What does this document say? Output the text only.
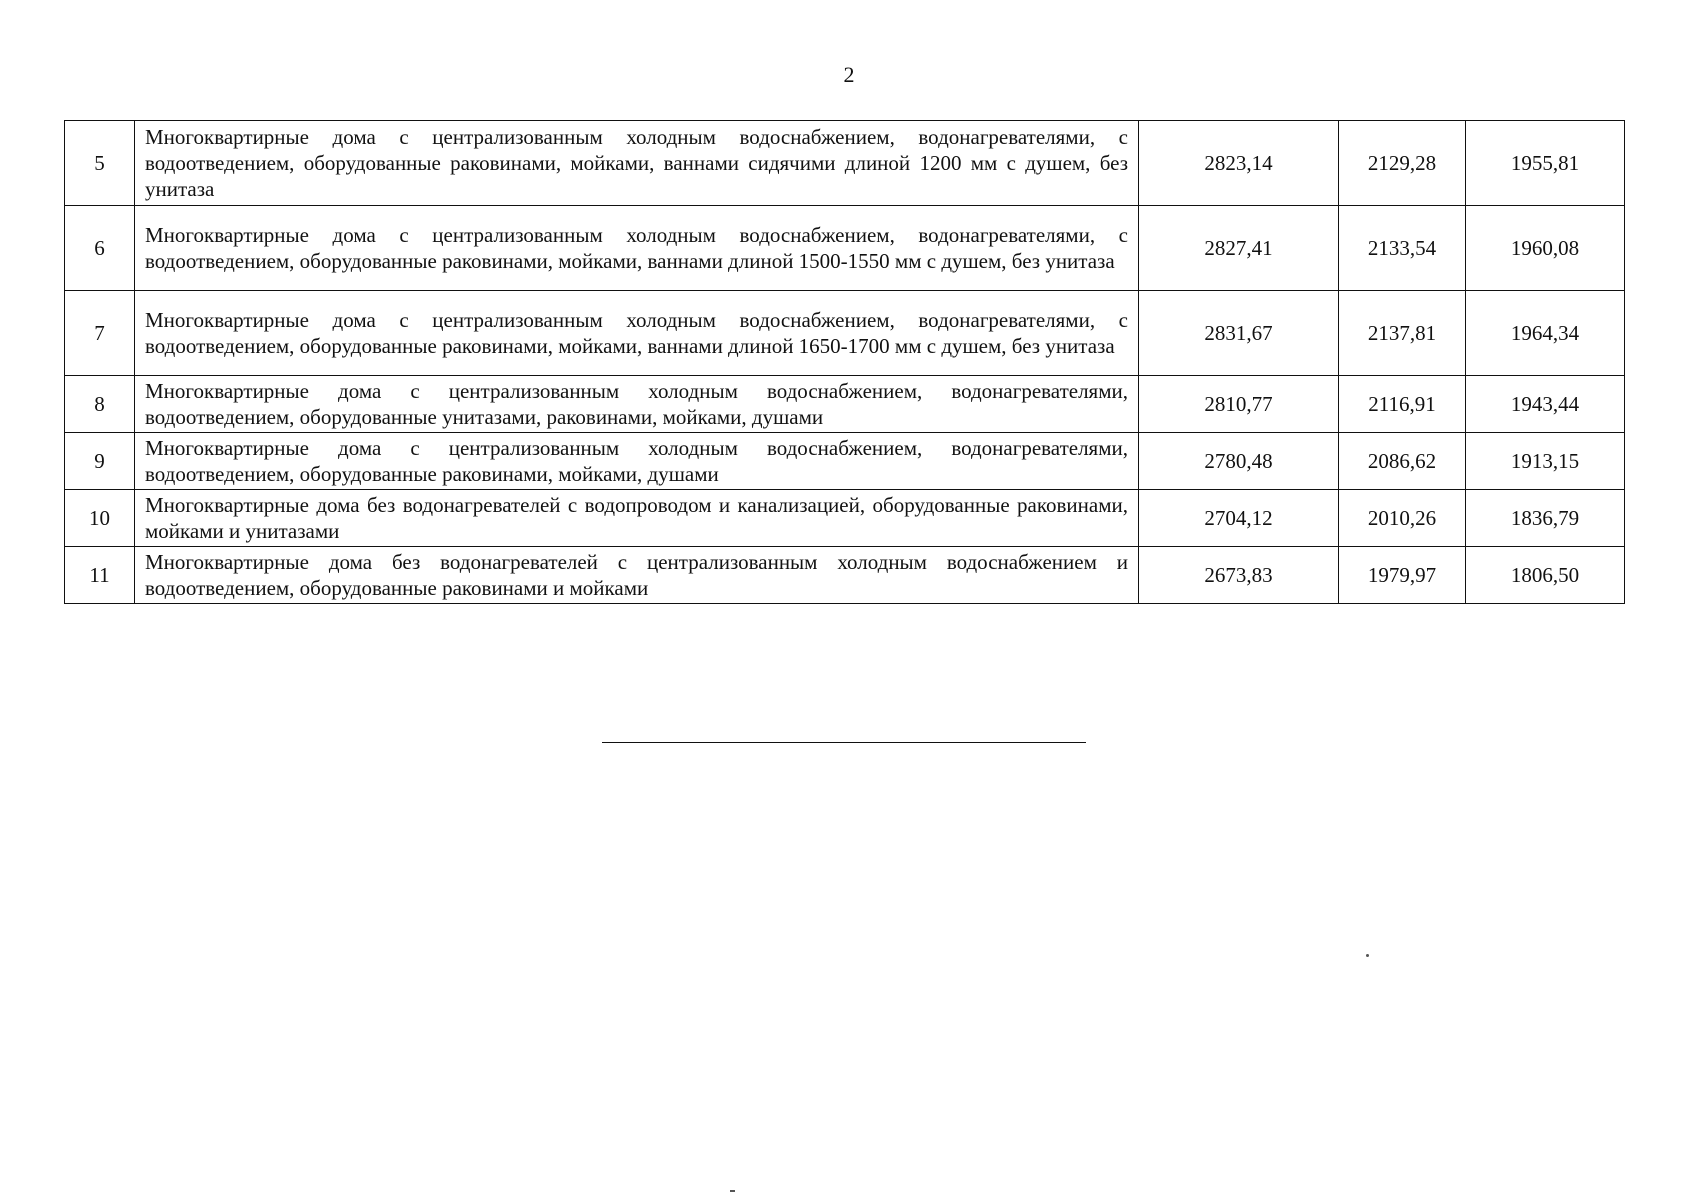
2
5	Многоквартирные дома с централизованным холодным водоснабжением, водонагревателями, с водоотведением, оборудованные раковинами, мойками, ваннами сидячими длиной 1200 мм с душем, без унитаза	2823,14	2129,28	1955,81
6	Многоквартирные дома с централизованным холодным водоснабжением, водонагревателями, с водоотведением, оборудованные раковинами, мойками, ваннами длиной 1500-1550 мм с душем, без унитаза	2827,41	2133,54	1960,08
7	Многоквартирные дома с централизованным холодным водоснабжением, водонагревателями, с водоотведением, оборудованные раковинами, мойками, ваннами длиной 1650-1700 мм с душем, без унитаза	2831,67	2137,81	1964,34
8	Многоквартирные дома с централизованным холодным водоснабжением, водонагревателями, водоотведением, оборудованные унитазами, раковинами, мойками, душами	2810,77	2116,91	1943,44
9	Многоквартирные дома с централизованным холодным водоснабжением, водонагревателями, водоотведением, оборудованные раковинами, мойками, душами	2780,48	2086,62	1913,15
10	Многоквартирные дома без водонагревателей с водопроводом и канализацией, оборудованные раковинами, мойками и унитазами	2704,12	2010,26	1836,79
11	Многоквартирные дома без водонагревателей с централизованным холодным водоснабжением и водоотведением, оборудованные раковинами и мойками	2673,83	1979,97	1806,50
